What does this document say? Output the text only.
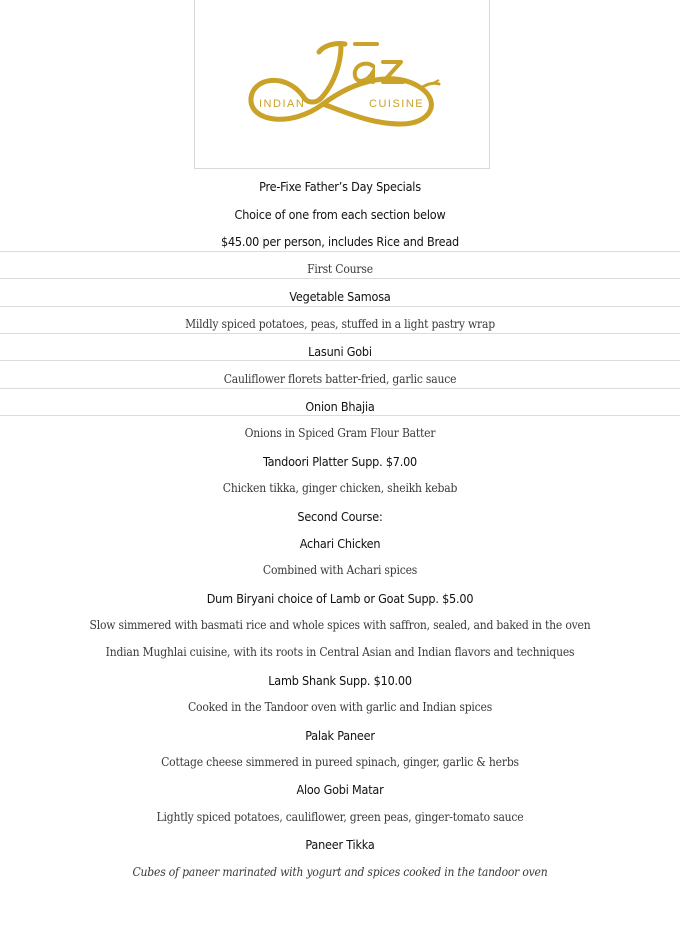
INDIAN	CUISINE
Pre-Fixe Father’s Day Specials
Choice of one from each section below
$45.00 per person, includes Rice and Bread
First Course
Vegetable Samosa
Mildly spiced potatoes, peas, stuffed in a light pastry wrap
Lasuni Gobi
Cauliflower florets batter-fried, garlic sauce
Onion Bhajia
Onions in Spiced Gram Flour Batter
Tandoori Platter Supp. $7.00
Chicken tikka, ginger chicken, sheikh kebab
Second Course:
Achari Chicken
Combined with Achari spices
Dum Biryani choice of Lamb or Goat Supp. $5.00
Slow simmered with basmati rice and whole spices with saffron, sealed, and baked in the oven
Indian Mughlai cuisine, with its roots in Central Asian and Indian flavors and techniques
Lamb Shank Supp. $10.00
Cooked in the Tandoor oven with garlic and Indian spices
Palak Paneer
Cottage cheese simmered in pureed spinach, ginger, garlic & herbs
Aloo Gobi Matar
Lightly spiced potatoes, cauliflower, green peas, ginger-tomato sauce
Paneer Tikka
Cubes of paneer marinated with yogurt and spices cooked in the tandoor oven
